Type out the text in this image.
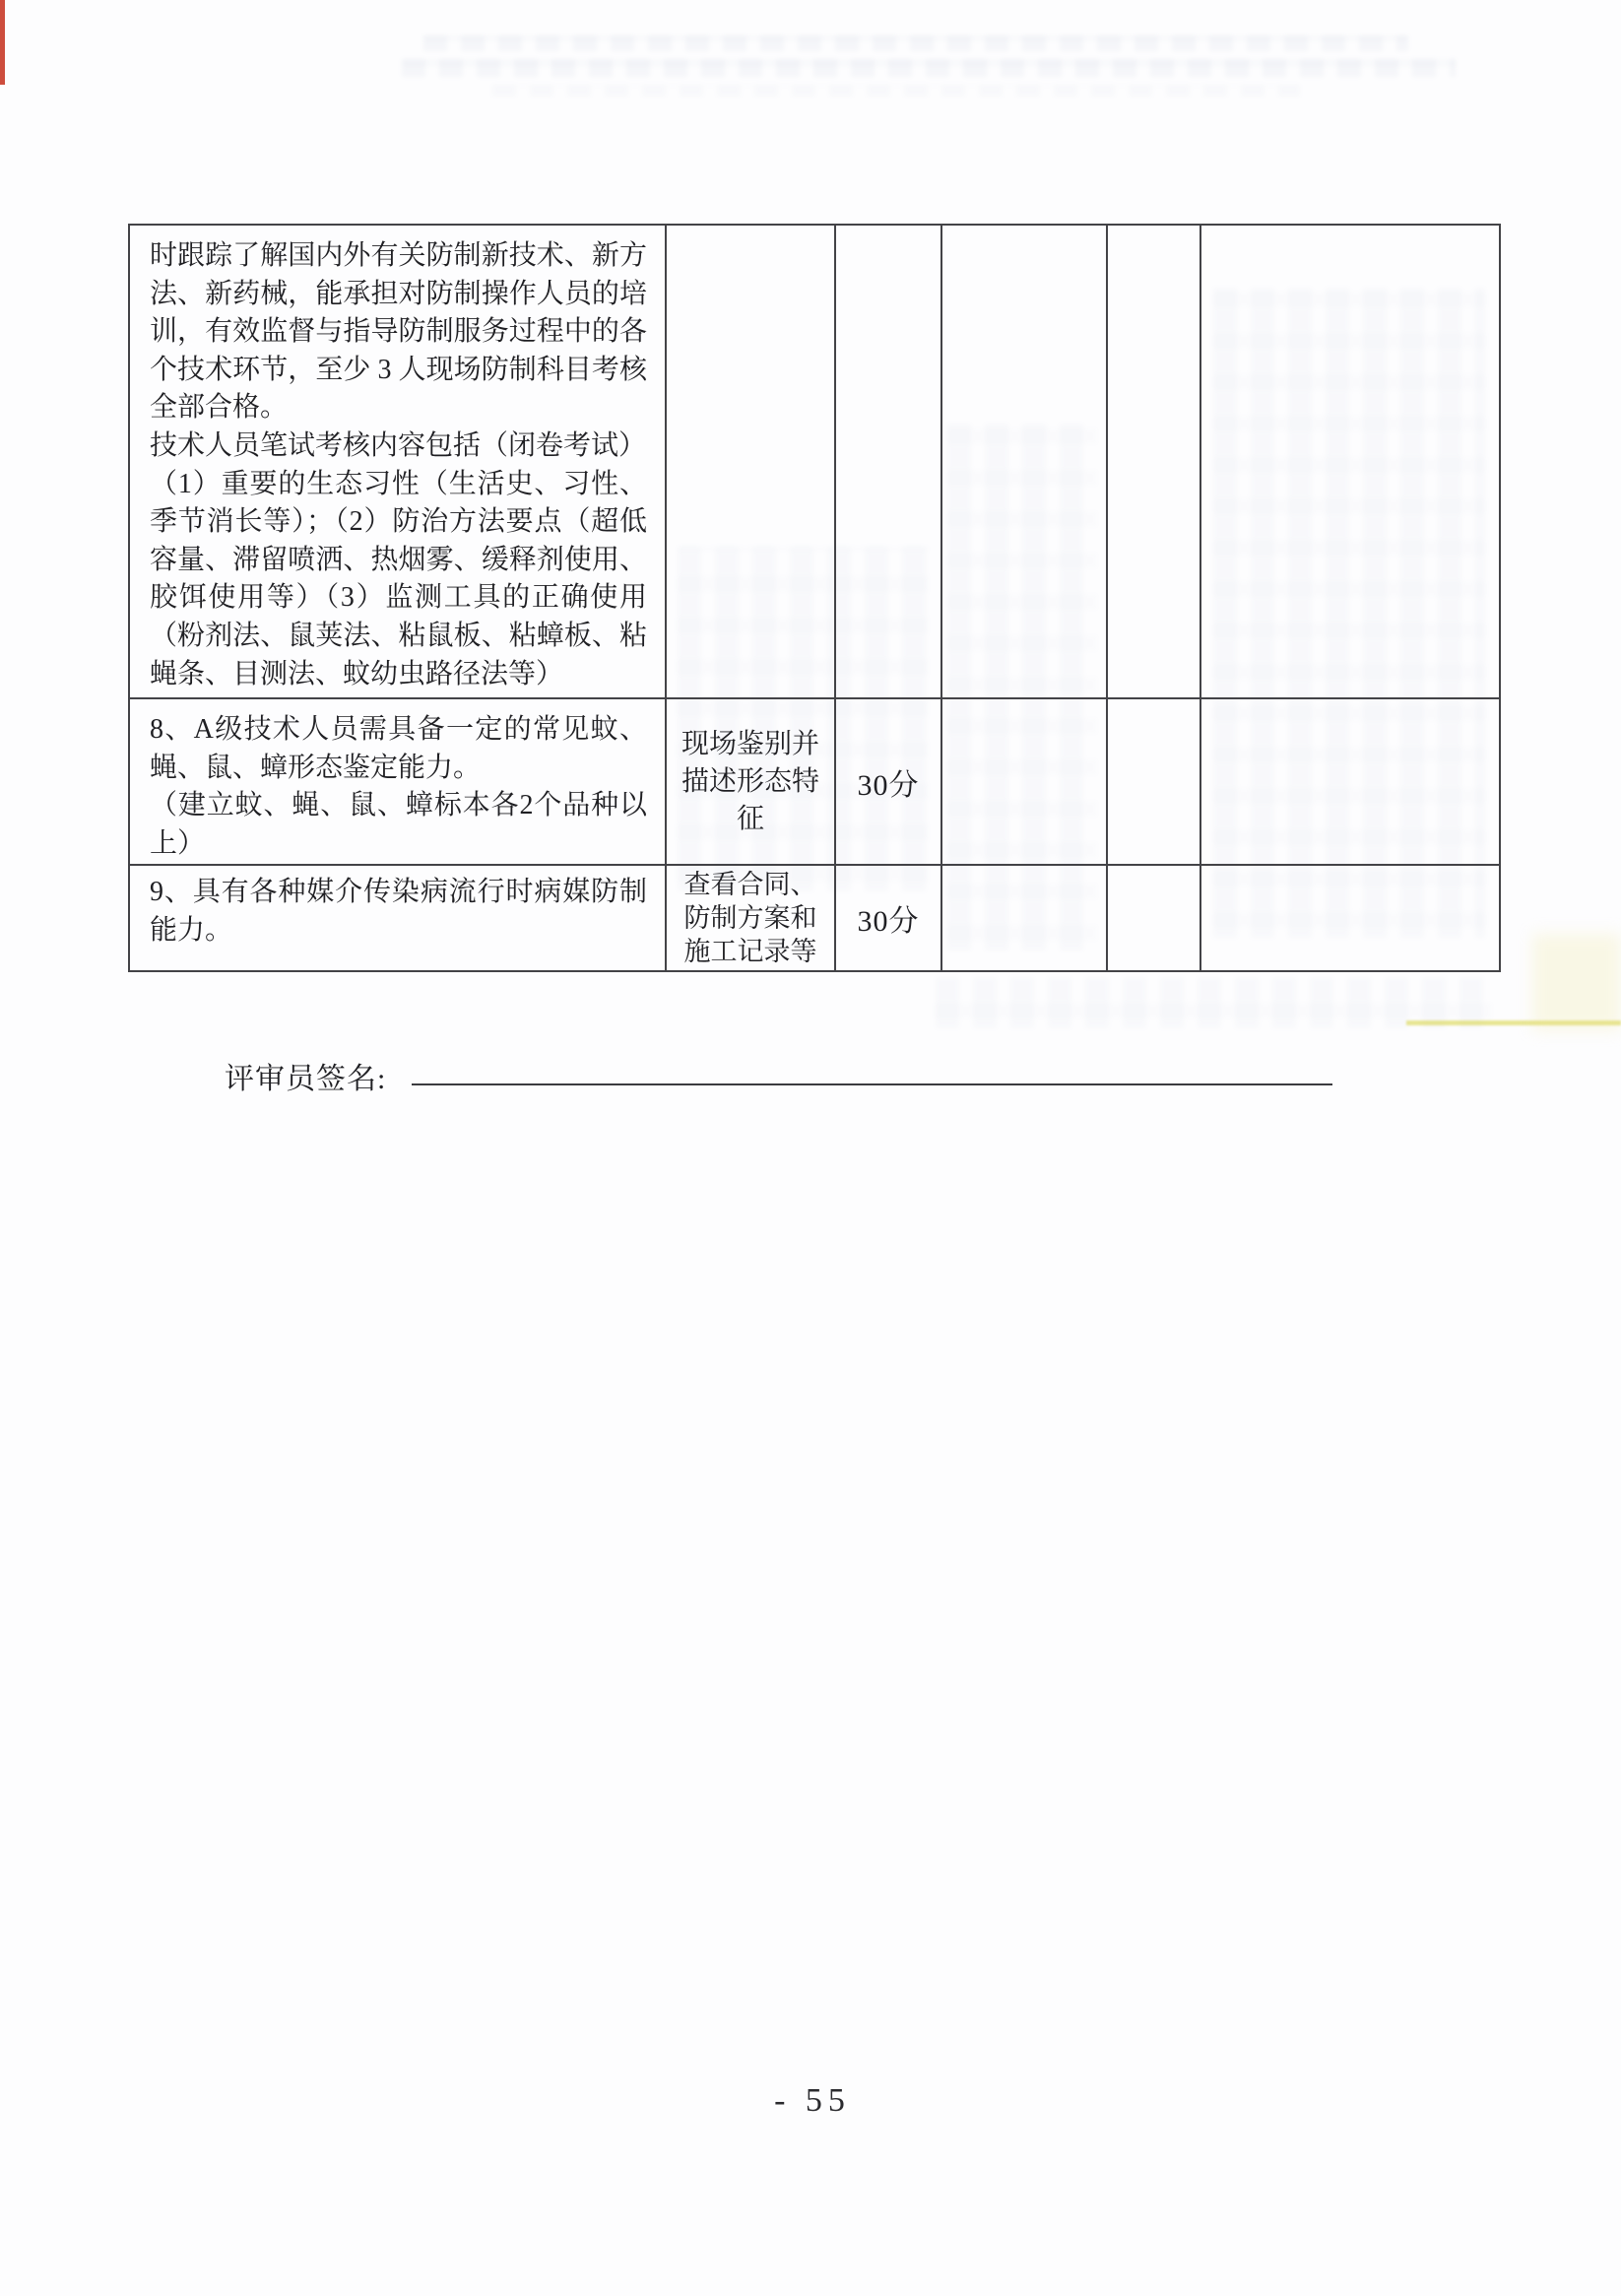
时跟踪了解国内外有关防制新技术、新方法、新药械，能承担对防制操作人员的培训，有效监督与指导防制服务过程中的各个技术环节，至少 3 人现场防制科目考核全部合格。

技术人员笔试考核内容包括（闭卷考试）

（1）重要的生态习性（生活史、习性、季节消长等）；（2）防治方法要点（超低容量、滞留喷洒、热烟雾、缓释剂使用、胶饵使用等）（3）监测工具的正确使用（粉剂法、鼠荚法、粘鼠板、粘蟑板、粘蝇条、目测法、蚊幼虫路径法等）					

8、A级技术人员需具备一定的常见蚊、蝇、鼠、蟑形态鉴定能力。

（建立蚊、蝇、鼠、蟑标本各2个品种以上）	现场鉴别并描述形态特征	30分			

9、具有各种媒介传染病流行时病媒防制能力。	查看合同、防制方案和施工记录等	30分			
评审员签名:
- 55
